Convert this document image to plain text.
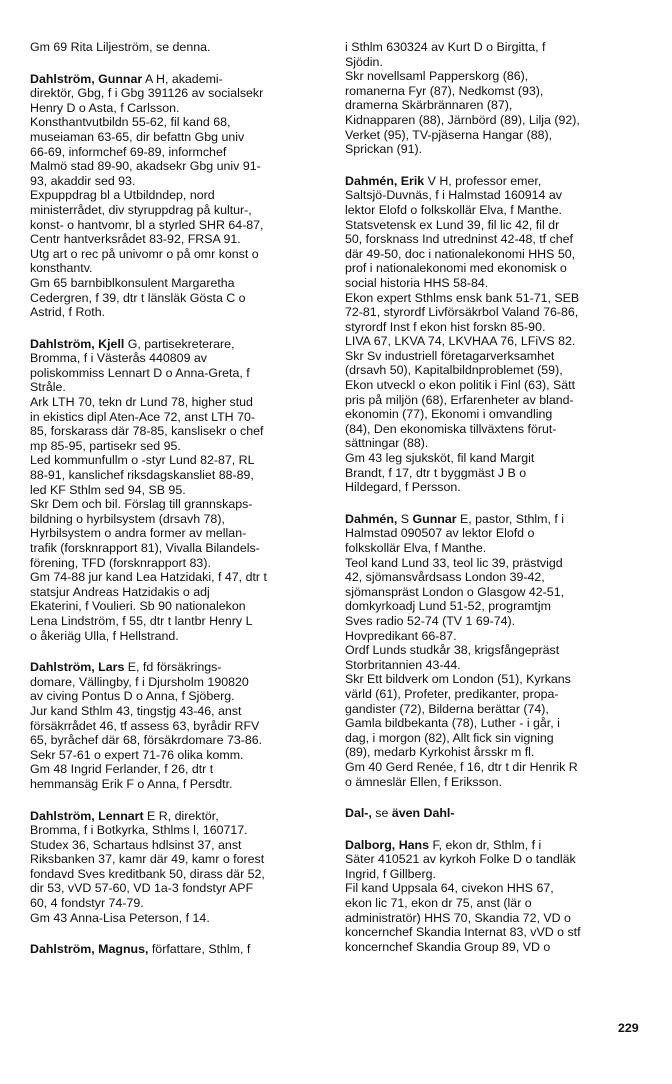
Gm 69 Rita Liljeström, se denna.
Dahlström, Gunnar A H, akademi-
direktör, Gbg, f i Gbg 391126 av socialsekr
Henry D o Asta, f Carlsson.
Konsthantvutbildn 55-62, fil kand 68,
museiaman 63-65, dir befattn Gbg univ
66-69, informchef 69-89, informchef
Malmö stad 89-90, akadsekr Gbg univ 91-
93, akaddir sed 93.
Expuppdrag bl a Utbildndep, nord
ministerrådet, div styruppdrag på kultur-,
konst- o hantvomr, bl a styrled SHR 64-87,
Centr hantverksrådet 83-92, FRSA 91.
Utg art o rec på univomr o på omr konst o
konsthantv.
Gm 65 barnbiblkonsulent Margaretha
Cedergren, f 39, dtr t länsläk Gösta C o
Astrid, f Roth.
Dahlström, Kjell G, partisekreterare,
Bromma, f i Västerås 440809 av
poliskommiss Lennart D o Anna-Greta, f
Stråle.
Ark LTH 70, tekn dr Lund 78, higher stud
in ekistics dipl Aten-Ace 72, anst LTH 70-
85, forskarass där 78-85, kanslisekr o chef
mp 85-95, partisekr sed 95.
Led kommunfullm o -styr Lund 82-87, RL
88-91, kanslichef riksdagskansliet 88-89,
led KF Sthlm sed 94, SB 95.
Skr Dem och bil. Förslag till grannskaps-
bildning o hyrbilsystem (drsavh 78),
Hyrbilsystem o andra former av mellan-
trafik (forsknrapport 81), Vivalla Bilandels-
förening, TFD (forsknrapport 83).
Gm 74-88 jur kand Lea Hatzidaki, f 47, dtr t
statsjur Andreas Hatzidakis o adj
Ekaterini, f Voulieri. Sb 90 nationalekon
Lena Lindström, f 55, dtr t lantbr Henry L
o åkeriäg Ulla, f Hellstrand.
Dahlström, Lars E, fd försäkrings-
domare, Vällingby, f i Djursholm 190820
av civing Pontus D o Anna, f Sjöberg.
Jur kand Sthlm 43, tingstjg 43-46, anst
försäkrrådet 46, tf assess 63, byrådir RFV
65, byråchef där 68, försäkrdomare 73-86.
Sekr 57-61 o expert 71-76 olika komm.
Gm 48 Ingrid Ferlander, f 26, dtr t
hemmansäg Erik F o Anna, f Persdtr.
Dahlström, Lennart E R, direktör,
Bromma, f i Botkyrka, Sthlms l, 160717.
Studex 36, Schartaus hdlsinst 37, anst
Riksbanken 37, kamr där 49, kamr o forest
fondavd Sves kreditbank 50, dirass där 52,
dir 53, vVD 57-60, VD 1a-3 fondstyr APF
60, 4 fondstyr 74-79.
Gm 43 Anna-Lisa Peterson, f 14.
Dahlström, Magnus, författare, Sthlm, f
i Sthlm 630324 av Kurt D o Birgitta, f
Sjödin.
Skr novellsaml Papperskorg (86),
romanerna Fyr (87), Nedkomst (93),
dramerna Skärbrännaren (87),
Kidnapparen (88), Järnbörd (89), Lilja (92),
Verket (95), TV-pjäserna Hangar (88),
Sprickan (91).
Dahmén, Erik V H, professor emer,
Saltsjö-Duvnäs, f i Halmstad 160914 av
lektor Elofd o folkskollär Elva, f Manthe.
Statsvetensk ex Lund 39, fil lic 42, fil dr
50, forsknass Ind utredninst 42-48, tf chef
där 49-50, doc i nationalekonomi HHS 50,
prof i nationalekonomi med ekonomisk o
social historia HHS 58-84.
Ekon expert Sthlms ensk bank 51-71, SEB
72-81, styrordf Livförsäkrbol Valand 76-86,
styrordf Inst f ekon hist forskn 85-90.
LIVA 67, LKVA 74, LKVHAA 76, LFiVS 82.
Skr Sv industriell företagarverksamhet
(drsavh 50), Kapitalbildnproblemet (59),
Ekon utveckl o ekon politik i Finl (63), Sätt
pris på miljön (68), Erfarenheter av bland-
ekonomin (77), Ekonomi i omvandling
(84), Den ekonomiska tillväxtens förut-
sättningar (88).
Gm 43 leg sjuksköt, fil kand Margit
Brandt, f 17, dtr t byggmäst J B o
Hildegard, f Persson.
Dahmén, S Gunnar E, pastor, Sthlm, f i
Halmstad 090507 av lektor Elofd o
folkskollär Elva, f Manthe.
Teol kand Lund 33, teol lic 39, prästvigd
42, sjömansvårdsass London 39-42,
sjömanspräst London o Glasgow 42-51,
domkyrkoadj Lund 51-52, programtjm
Sves radio 52-74 (TV 1 69-74).
Hovpredikant 66-87.
Ordf Lunds studkår 38, krigsfångepräst
Storbritannien 43-44.
Skr Ett bildverk om London (51), Kyrkans
värld (61), Profeter, predikanter, propa-
gandister (72), Bilderna berättar (74),
Gamla bildbekanta (78), Luther - i går, i
dag, i morgon (82), Allt fick sin vigning
(89), medarb Kyrkohist årsskr m fl.
Gm 40 Gerd Renée, f 16, dtr t dir Henrik R
o ämneslär Ellen, f Eriksson.
Dal-, se även Dahl-
Dalborg, Hans F, ekon dr, Sthlm, f i
Säter 410521 av kyrkoh Folke D o tandläk
Ingrid, f Gillberg.
Fil kand Uppsala 64, civekon HHS 67,
ekon lic 71, ekon dr 75, anst (lär o
administratör) HHS 70, Skandia 72, VD o
koncernchef Skandia Internat 83, vVD o stf
koncernchef Skandia Group 89, VD o
229
